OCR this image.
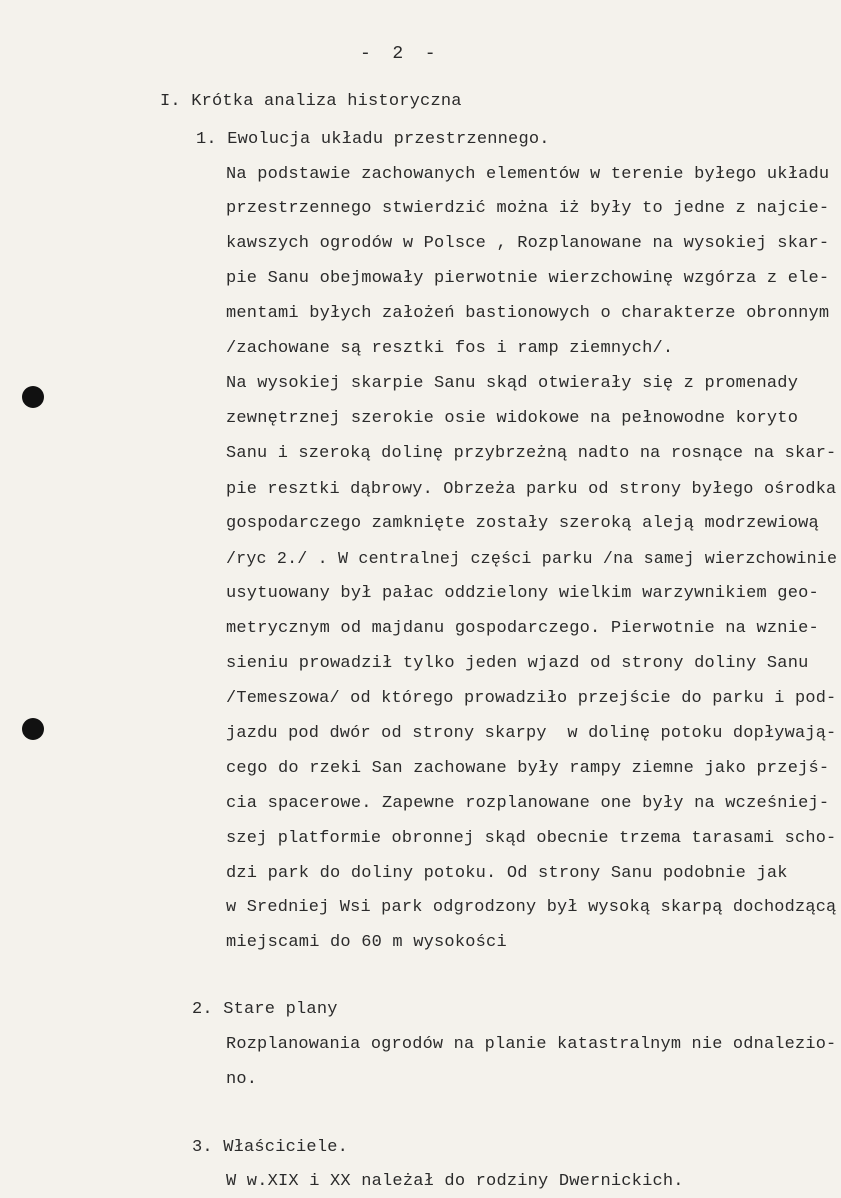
-  2  -
I. Krótka analiza historyczna
1. Ewolucja układu przestrzennego.
Na podstawie zachowanych elementów w terenie byłego układu
przestrzennego stwierdzić można iż były to jedne z najcie-
kawszych ogrodów w Polsce , Rozplanowane na wysokiej skar-
pie Sanu obejmowały pierwotnie wierzchowinę wzgórza z ele-
mentami byłych założeń bastionowych o charakterze obronnym
/zachowane są resztki fos i ramp ziemnych/.
Na wysokiej skarpie Sanu skąd otwierały się z promenady
zewnętrznej szerokie osie widokowe na pełnowodne koryto
Sanu i szeroką dolinę przybrzeżną nadto na rosnące na skar-
pie resztki dąbrowy. Obrzeża parku od strony byłego ośrodka
gospodarczego zamknięte zostały szeroką aleją modrzewiową
/ryc 2./ . W centralnej części parku /na samej wierzchowinie
usytuowany był pałac oddzielony wielkim warzywnikiem geo-
metrycznym od majdanu gospodarczego. Pierwotnie na wznie-
sieniu prowadził tylko jeden wjazd od strony doliny Sanu
/Temeszowa/ od którego prowadziło przejście do parku i pod-
jazdu pod dwór od strony skarpy  w dolinę potoku dopływają-
cego do rzeki San zachowane były rampy ziemne jako przejś-
cia spacerowe. Zapewne rozplanowane one były na wcześniej-
szej platformie obronnej skąd obecnie trzema tarasami scho-
dzi park do doliny potoku. Od strony Sanu podobnie jak
w Sredniej Wsi park odgrodzony był wysoką skarpą dochodzącą
miejscami do 60 m wysokości
2. Stare plany
Rozplanowania ogrodów na planie katastralnym nie odnalezio-
no.
3. Właściciele.
W w.XIX i XX należał do rodziny Dwernickich.
